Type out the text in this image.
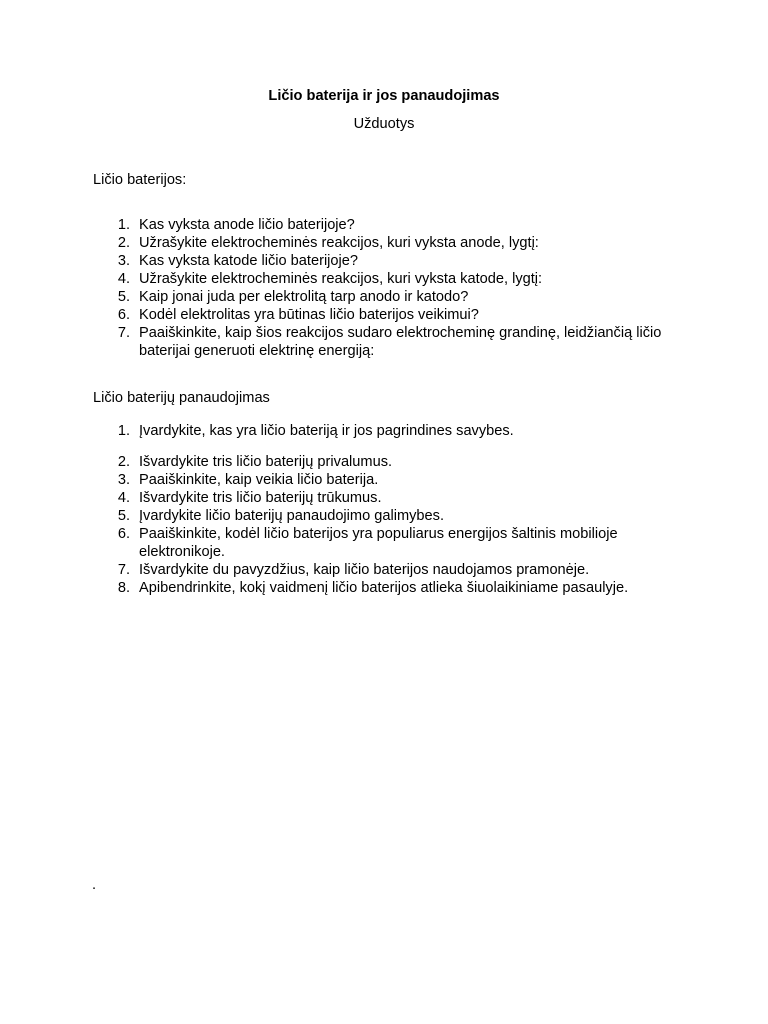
Ličio baterija ir jos panaudojimas
Užduotys
Ličio baterijos:
1. Kas vyksta anode ličio baterijoje?
2. Užrašykite elektrocheminės reakcijos, kuri vyksta anode, lygtį:
3. Kas vyksta katode ličio baterijoje?
4. Užrašykite elektrocheminės reakcijos, kuri vyksta katode, lygtį:
5. Kaip jonai juda per elektrolitą tarp anodo ir katodo?
6. Kodėl elektrolitas yra būtinas ličio baterijos veikimui?
7. Paaiškinkite, kaip šios reakcijos sudaro elektrocheminę grandinę, leidžiančią ličio baterijai generuoti elektrinę energiją:
Ličio baterijų panaudojimas
1. Įvardykite, kas yra ličio bateriją ir jos pagrindines savybes.
2. Išvardykite tris ličio baterijų privalumus.
3. Paaiškinkite, kaip veikia ličio baterija.
4. Išvardykite tris ličio baterijų trūkumus.
5. Įvardykite ličio baterijų panaudojimo galimybes.
6. Paaiškinkite, kodėl ličio baterijos yra populiarus energijos šaltinis mobilioje elektronikoje.
7. Išvardykite du pavyzdžius, kaip ličio baterijos naudojamos pramonėje.
8. Apibendrinkite, kokį vaidmenį ličio baterijos atlieka šiuolaikiniame pasaulyje.
.
